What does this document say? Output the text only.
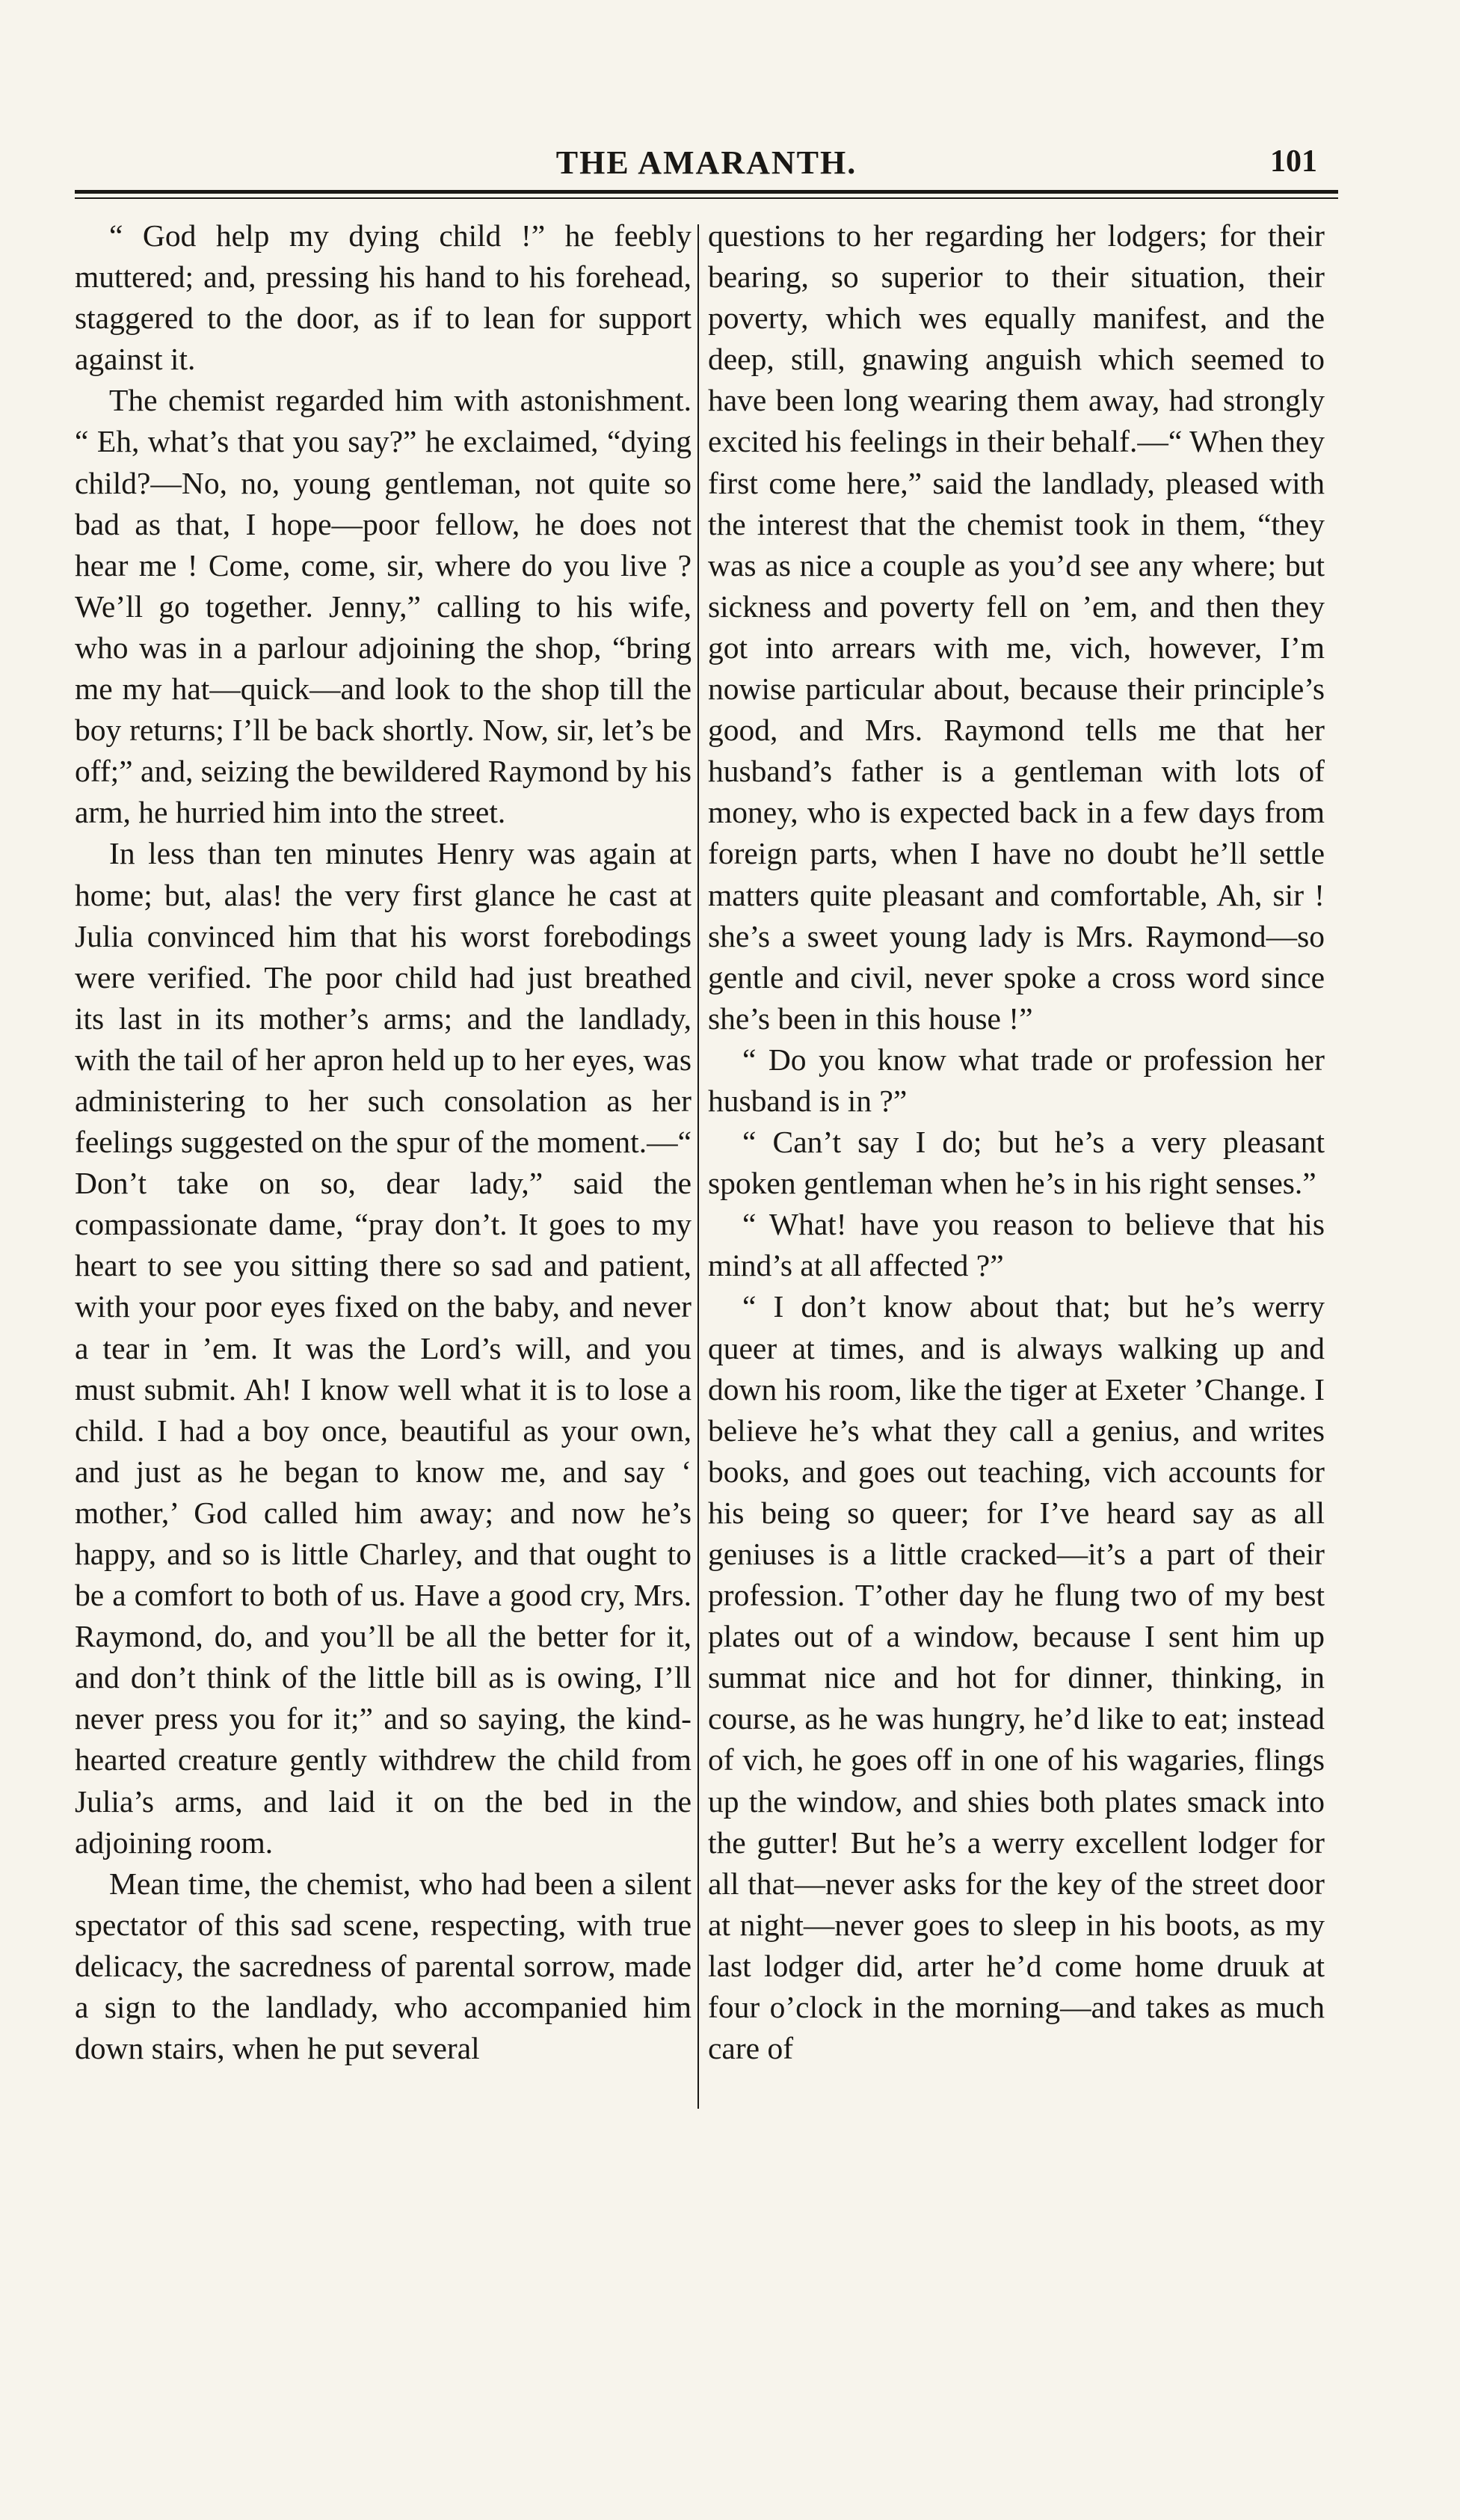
THE AMARANTH.	101

“ God help my dying child !” he feebly muttered; and, pressing his hand to his forehead, staggered to the door, as if to lean for support against it.

The chemist regarded him with astonishment. “ Eh, what’s that you say?” he exclaimed, “dying child?—No, no, young gentleman, not quite so bad as that, I hope—poor fellow, he does not hear me ! Come, come, sir, where do you live ? We’ll go together. Jenny,” calling to his wife, who was in a parlour adjoining the shop, “bring me my hat—quick—and look to the shop till the boy returns; I’ll be back shortly. Now, sir, let’s be off;” and, seizing the bewildered Raymond by his arm, he hurried him into the street.

In less than ten minutes Henry was again at home; but, alas! the very first glance he cast at Julia convinced him that his worst forebodings were verified. The poor child had just breathed its last in its mother’s arms; and the landlady, with the tail of her apron held up to her eyes, was administering to her such consolation as her feelings suggested on the spur of the moment.—“ Don’t take on so, dear lady,” said the compassionate dame, “pray don’t. It goes to my heart to see you sitting there so sad and patient, with your poor eyes fixed on the baby, and never a tear in ’em. It was the Lord’s will, and you must submit. Ah! I know well what it is to lose a child. I had a boy once, beautiful as your own, and just as he began to know me, and say ‘ mother,’ God called him away; and now he’s happy, and so is little Charley, and that ought to be a comfort to both of us. Have a good cry, Mrs. Raymond, do, and you’ll be all the better for it, and don’t think of the little bill as is owing, I’ll never press you for it;” and so saying, the kind-hearted creature gently withdrew the child from Julia’s arms, and laid it on the bed in the adjoining room.

Mean time, the chemist, who had been a silent spectator of this sad scene, respecting, with true delicacy, the sacredness of parental sorrow, made a sign to the landlady, who accompanied him down stairs, when he put several

questions to her regarding her lodgers; for their bearing, so superior to their situation, their poverty, which wes equally manifest, and the deep, still, gnawing anguish which seemed to have been long wearing them away, had strongly excited his feelings in their behalf.—“ When they first come here,” said the landlady, pleased with the interest that the chemist took in them, “they was as nice a couple as you’d see any where; but sickness and poverty fell on ’em, and then they got into arrears with me, vich, however, I’m nowise particular about, because their principle’s good, and Mrs. Raymond tells me that her husband’s father is a gentleman with lots of money, who is expected back in a few days from foreign parts, when I have no doubt he’ll settle matters quite pleasant and comfortable, Ah, sir ! she’s a sweet young lady is Mrs. Raymond—so gentle and civil, never spoke a cross word since she’s been in this house !”

“ Do you know what trade or profession her husband is in ?”

“ Can’t say I do; but he’s a very pleasant spoken gentleman when he’s in his right senses.”

“ What! have you reason to believe that his mind’s at all affected ?”

“ I don’t know about that; but he’s werry queer at times, and is always walking up and down his room, like the tiger at Exeter ’Change. I believe he’s what they call a genius, and writes books, and goes out teaching, vich accounts for his being so queer; for I’ve heard say as all geniuses is a little cracked—it’s a part of their profession. T’other day he flung two of my best plates out of a window, because I sent him up summat nice and hot for dinner, thinking, in course, as he was hungry, he’d like to eat; instead of vich, he goes off in one of his wagaries, flings up the window, and shies both plates smack into the gutter! But he’s a werry excellent lodger for all that—never asks for the key of the street door at night—never goes to sleep in his boots, as my last lodger did, arter he’d come home druuk at four o’clock in the morning—and takes as much care of
